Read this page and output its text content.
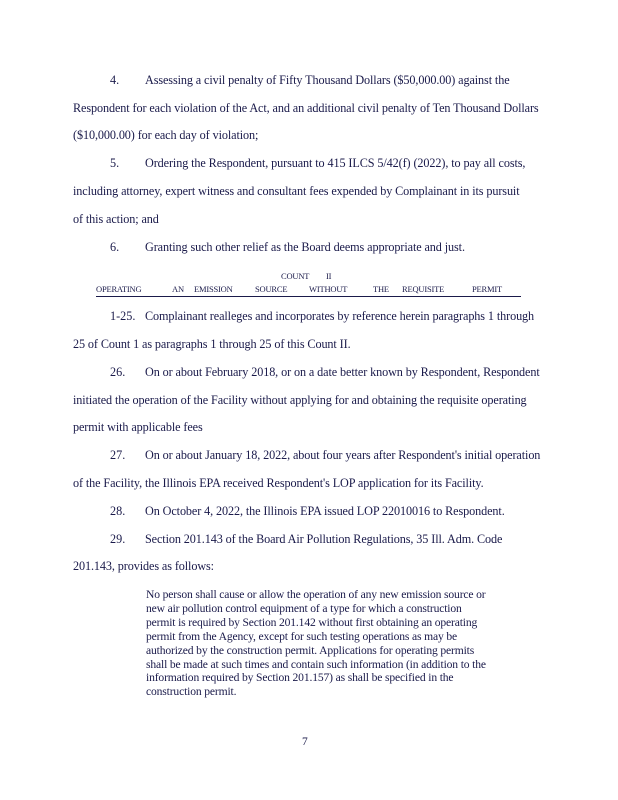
4. Assessing a civil penalty of Fifty Thousand Dollars ($50,000.00) against the
Respondent for each violation of the Act, and an additional civil penalty of Ten Thousand Dollars
($10,000.00) for each day of violation;
5. Ordering the Respondent, pursuant to 415 ILCS 5/42(f) (2022), to pay all costs,
including attorney, expert witness and consultant fees expended by Complainant in its pursuit
of this action; and
6. Granting such other relief as the Board deems appropriate and just.
COUNT II
OPERATING	AN EMISSION	SOURCE	WITHOUT	THE REQUISITE	PERMIT
1-25. Complainant realleges and incorporates by reference herein paragraphs 1 through
25 of Count 1 as paragraphs 1 through 25 of this Count II.
26. On or about February 2018, or on a date better known by Respondent, Respondent
initiated the operation of the Facility without applying for and obtaining the requisite operating
permit with applicable fees
27. On or about January 18, 2022, about four years after Respondent's initial operation
of the Facility, the Illinois EPA received Respondent's LOP application for its Facility.
28. On October 4, 2022, the Illinois EPA issued LOP 22010016 to Respondent.
29. Section 201.143 of the Board Air Pollution Regulations, 35 Ill. Adm. Code
201.143, provides as follows:
No person shall cause or allow the operation of any new emission source or
new air pollution control equipment of a type for which a construction
permit is required by Section 201.142 without first obtaining an operating
permit from the Agency, except for such testing operations as may be
authorized by the construction permit. Applications for operating permits
shall be made at such times and contain such information (in addition to the
information required by Section 201.157) as shall be specified in the
construction permit.
7
